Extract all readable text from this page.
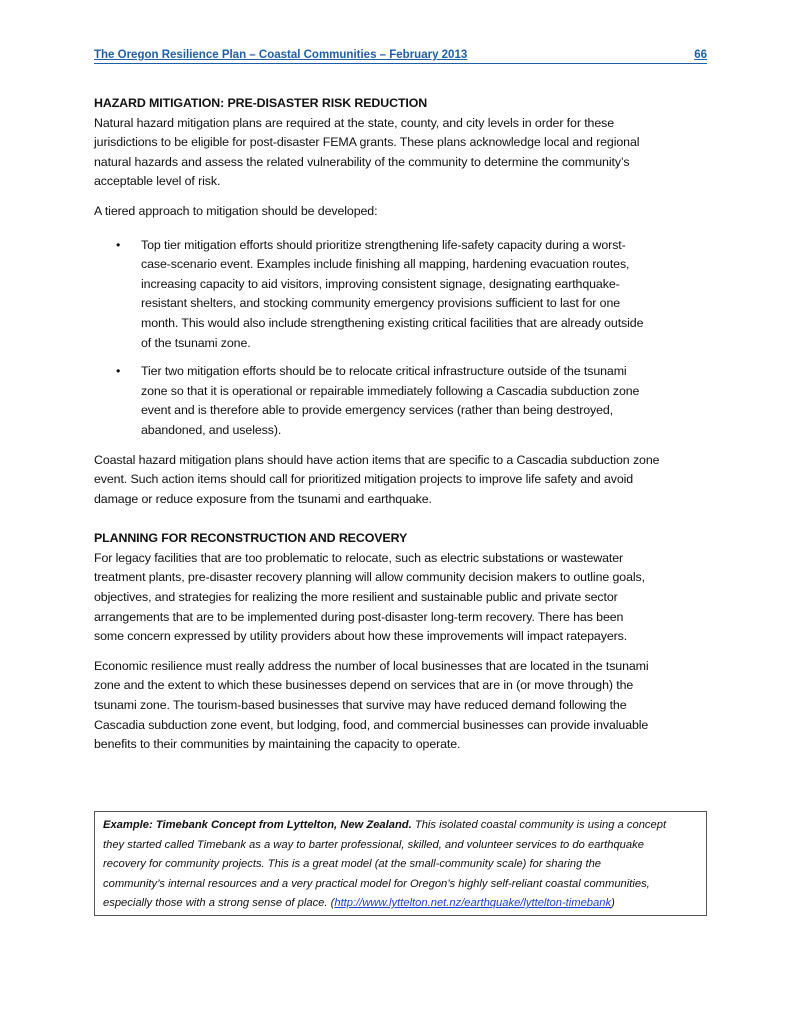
The Oregon Resilience Plan – Coastal Communities – February 2013	66
HAZARD MITIGATION: PRE-DISASTER RISK REDUCTION
Natural hazard mitigation plans are required at the state, county, and city levels in order for these
jurisdictions to be eligible for post-disaster FEMA grants. These plans acknowledge local and regional
natural hazards and assess the related vulnerability of the community to determine the community’s
acceptable level of risk.
A tiered approach to mitigation should be developed:
• Top tier mitigation efforts should prioritize strengthening life-safety capacity during a worst-
case-scenario event. Examples include finishing all mapping, hardening evacuation routes,
increasing capacity to aid visitors, improving consistent signage, designating earthquake-
resistant shelters, and stocking community emergency provisions sufficient to last for one
month. This would also include strengthening existing critical facilities that are already outside
of the tsunami zone.
• Tier two mitigation efforts should be to relocate critical infrastructure outside of the tsunami
zone so that it is operational or repairable immediately following a Cascadia subduction zone
event and is therefore able to provide emergency services (rather than being destroyed,
abandoned, and useless).
Coastal hazard mitigation plans should have action items that are specific to a Cascadia subduction zone
event. Such action items should call for prioritized mitigation projects to improve life safety and avoid
damage or reduce exposure from the tsunami and earthquake.
PLANNING FOR RECONSTRUCTION AND RECOVERY
For legacy facilities that are too problematic to relocate, such as electric substations or wastewater
treatment plants, pre-disaster recovery planning will allow community decision makers to outline goals,
objectives, and strategies for realizing the more resilient and sustainable public and private sector
arrangements that are to be implemented during post-disaster long-term recovery. There has been
some concern expressed by utility providers about how these improvements will impact ratepayers.
Economic resilience must really address the number of local businesses that are located in the tsunami
zone and the extent to which these businesses depend on services that are in (or move through) the
tsunami zone. The tourism-based businesses that survive may have reduced demand following the
Cascadia subduction zone event, but lodging, food, and commercial businesses can provide invaluable
benefits to their communities by maintaining the capacity to operate.
Example: Timebank Concept from Lyttelton, New Zealand. This isolated coastal community is using a concept
they started called Timebank as a way to barter professional, skilled, and volunteer services to do earthquake
recovery for community projects. This is a great model (at the small-community scale) for sharing the
community’s internal resources and a very practical model for Oregon’s highly self-reliant coastal communities,
especially those with a strong sense of place. (http://www.lyttelton.net.nz/earthquake/lyttelton-timebank)
